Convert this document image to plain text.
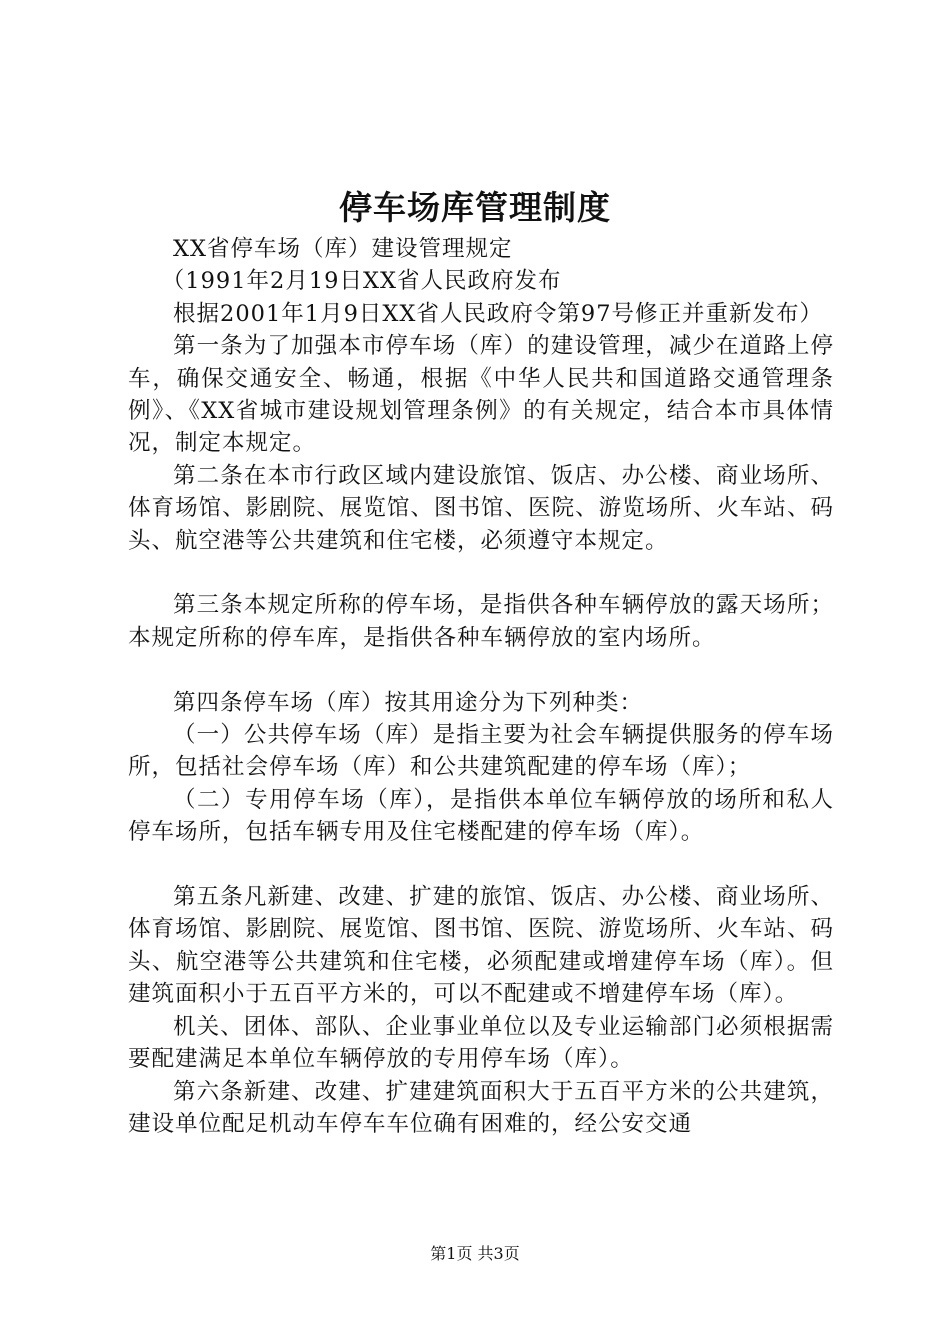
停车场库管理制度

XX省停车场（库）建设管理规定

（1991年2月19日XX省人民政府发布

根据2001年1月9日XX省人民政府令第97号修正并重新发布）

第一条为了加强本市停车场（库）的建设管理，减少在道路上停车，确保交通安全、畅通，根据《中华人民共和国道路交通管理条例》、《XX省城市建设规划管理条例》的有关规定，结合本市具体情况，制定本规定。

第二条在本市行政区域内建设旅馆、饭店、办公楼、商业场所、体育场馆、影剧院、展览馆、图书馆、医院、游览场所、火车站、码头、航空港等公共建筑和住宅楼，必须遵守本规定。

第三条本规定所称的停车场，是指供各种车辆停放的露天场所；本规定所称的停车库，是指供各种车辆停放的室内场所。

第四条停车场（库）按其用途分为下列种类：

（一）公共停车场（库）是指主要为社会车辆提供服务的停车场所，包括社会停车场（库）和公共建筑配建的停车场（库）；

（二）专用停车场（库），是指供本单位车辆停放的场所和私人停车场所，包括车辆专用及住宅楼配建的停车场（库）。

第五条凡新建、改建、扩建的旅馆、饭店、办公楼、商业场所、体育场馆、影剧院、展览馆、图书馆、医院、游览场所、火车站、码头、航空港等公共建筑和住宅楼，必须配建或增建停车场（库）。但建筑面积小于五百平方米的，可以不配建或不增建停车场（库）。

机关、团体、部队、企业事业单位以及专业运输部门必须根据需要配建满足本单位车辆停放的专用停车场（库）。

第六条新建、改建、扩建建筑面积大于五百平方米的公共建筑，建设单位配足机动车停车车位确有困难的，经公安交通

第1页 共3页
